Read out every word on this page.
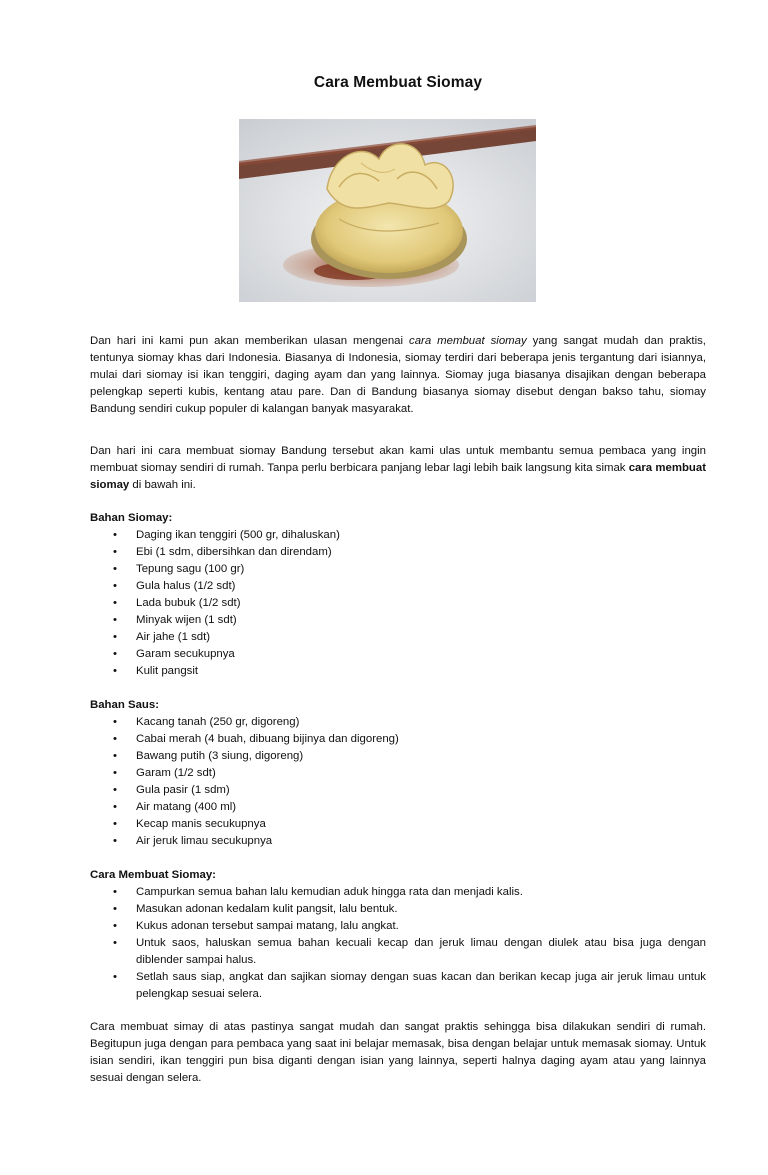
Cara Membuat Siomay

Dan hari ini kami pun akan memberikan ulasan mengenai cara membuat siomay yang sangat mudah dan praktis, tentunya siomay khas dari Indonesia. Biasanya di Indonesia, siomay terdiri dari beberapa jenis tergantung dari isiannya, mulai dari siomay isi ikan tenggiri, daging ayam dan yang lainnya. Siomay juga biasanya disajikan dengan beberapa pelengkap seperti kubis, kentang atau pare. Dan di Bandung biasanya siomay disebut dengan bakso tahu, siomay Bandung sendiri cukup populer di kalangan banyak masyarakat.

Dan hari ini cara membuat siomay Bandung tersebut akan kami ulas untuk membantu semua pembaca yang ingin membuat siomay sendiri di rumah. Tanpa perlu berbicara panjang lebar lagi lebih baik langsung kita simak cara membuat siomay di bawah ini.

Bahan Siomay:
• Daging ikan tenggiri (500 gr, dihaluskan)
• Ebi (1 sdm, dibersihkan dan direndam)
• Tepung sagu (100 gr)
• Gula halus (1/2 sdt)
• Lada bubuk (1/2 sdt)
• Minyak wijen (1 sdt)
• Air jahe (1 sdt)
• Garam secukupnya
• Kulit pangsit
Bahan Saus:
• Kacang tanah (250 gr, digoreng)
• Cabai merah (4 buah, dibuang bijinya dan digoreng)
• Bawang putih (3 siung, digoreng)
• Garam (1/2 sdt)
• Gula pasir (1 sdm)
• Air matang (400 ml)
• Kecap manis secukupnya
• Air jeruk limau secukupnya
Cara Membuat Siomay:
• Campurkan semua bahan lalu kemudian aduk hingga rata dan menjadi kalis.
• Masukan adonan kedalam kulit pangsit, lalu bentuk.
• Kukus adonan tersebut sampai matang, lalu angkat.
• Untuk saos, haluskan semua bahan kecuali kecap dan jeruk limau dengan diulek atau bisa juga dengan diblender sampai halus.
• Setlah saus siap, angkat dan sajikan siomay dengan suas kacan dan berikan kecap juga air jeruk limau untuk pelengkap sesuai selera.

Cara membuat simay di atas pastinya sangat mudah dan sangat praktis sehingga bisa dilakukan sendiri di rumah. Begitupun juga dengan para pembaca yang saat ini belajar memasak, bisa dengan belajar untuk memasak siomay. Untuk isian sendiri, ikan tenggiri pun bisa diganti dengan isian yang lainnya, seperti halnya daging ayam atau yang lainnya sesuai dengan selera.
